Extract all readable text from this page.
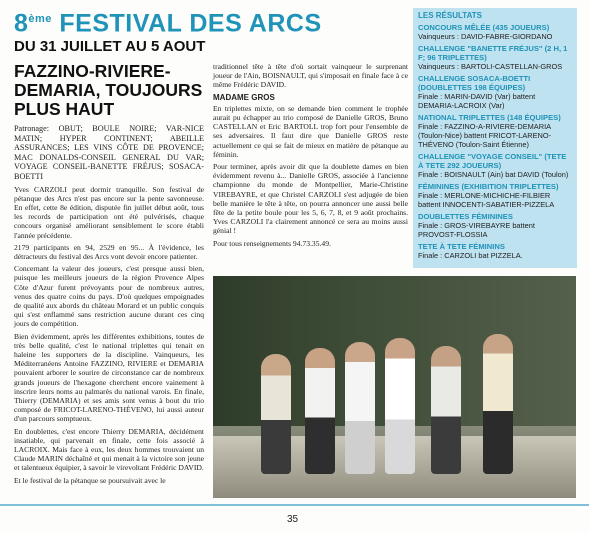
8ème FESTIVAL DES ARCS
DU 31 JUILLET AU 5 AOUT
FAZZINO-RIVIERE-DEMARIA, TOUJOURS PLUS HAUT

Patronage: OBUT; BOULE NOIRE; VAR-NICE MATIN; HYPER CONTINENT; ABEILLE ASSURANCES; LES VINS CÔTE DE PROVENCE; MAC DONALDS-CONSEIL GENERAL DU VAR; VOYAGE CONSEIL-BANETTE FRÉJUS; SOSACA-BOETTI

Yves CARZOLI peut dormir tranquille. Son festival de pétanque des Arcs n'est pas encore sur la pente savonneuse. En effet, cette 8e édition, disputée fin juillet début août, tous les records de participation ont été pulvérisés, chaque concours organisé améliorant sensiblement le score établi l'année précédente.

2179 participants en 94, 2529 en 95... À l'évidence, les détracteurs du festival des Arcs vont devoir encore patienter.

Concernant la valeur des joueurs, c'est presque aussi bien, puisque les meilleurs joueurs de la région Provence Alpes Côte d'Azur furent prévoyants pour de nombreux autres, venus des quatre coins du pays. D'où quelques empoignades de qualité aux abords du château Morard et un public conquis qui s'est enflammé sans restriction aucune durant ces cinq jours de compétition.

Bien évidemment, après les différentes exhibitions, toutes de très belle qualité, c'est le national triplettes qui tenait en haleine les supporters de la discipline. Vainqueurs, les Méditerranéens Antoine FAZZINO, RIVIERE et DEMARIA pouvaient arborer le sourire de circonstance car de nombreux grands joueurs de l'hexagone cherchent encore vainement à inscrire leurs noms au palmarès du national varois. En finale, Thierry (DEMARIA) et ses amis sont venus à bout du trio composé de FRICOT-LARENO-THÉVENO, lui aussi auteur d'un parcours somptueux.

En doublettes, c'est encore Thierry DEMARIA, décidément insatiable, qui parvenait en finale, cette fois associé à LACROIX. Mais face à eux, les deux hommes trouvaient un Claude MARIN déchaîné et qui menait à la victoire son jeune et talentueux équipier, à savoir le virevoltant Frédéric DAVID.

Et le festival de la pétanque se poursuivait avec le

traditionnel tête à tête d'où sortait vainqueur le surprenant joueur de l'Ain, BOISNAULT, qui s'imposait en finale face à ce même Frédéric DAVID.

MADAME GROS

En triplettes mixte, on se demande bien comment le trophée aurait pu échapper au trio composé de Danielle GROS, Bruno CASTELLAN et Eric BARTOLL trop fort pour l'ensemble de ses adversaires. Il faut dire que Danielle GROS reste actuellement ce qui se fait de mieux en matière de pétanque au féminin.

Pour terminer, après avoir dit que la doublette dames en bien évidemment revenu à... Danielle GROS, associée à l'ancienne championne du monde de Montpellier, Marie-Christine VIREBAYRE, et que Christel CARZOLI s'est adjugée de bien belle manière le tête à tête, on pourra annoncer une aussi belle fête de la petite boule pour les 5, 6, 7, 8, et 9 août prochains. Yves CARZOLI l'a clairement annoncé ce sera au moins aussi génial !

Pour tous renseignements 94.73.35.49.

LES RÉSULTATS
CONCOURS MÊLÉE (435 JOUEURS)
Vainqueurs : DAVID-FABRE-GIORDANO
CHALLENGE "BANETTE FRÉJUS" (2 H, 1 F; 96 TRIPLETTES)
Vainqueurs : BARTOLI-CASTELLAN-GROS
CHALLENGE SOSACA-BOETTI (DOUBLETTES 198 ÉQUIPES)
Finale : MARIN-DAVID (Var) battent DEMARIA-LACROIX (Var)
NATIONAL TRIPLETTES (148 ÉQUIPES)
Finale : FAZZINO-A-RIVIERE-DEMARIA (Toulon-Nice) battent FRICOT-LARENO-THÉVENO (Toulon-Saint Étienne)
CHALLENGE "VOYAGE CONSEIL" (TETE À TETE 292 JOUEURS)
Finale : BOISNAULT (Ain) bat DAVID (Toulon)
FÉMININES (EXHIBITION TRIPLETTES)
Finale : MERLONE-MICHICHE-FILBIER battent INNOCENTI-SABATIER-PIZZELA
DOUBLETTES FÉMININES
Finale : GROS-VIREBAYRE battent PROVOST-FLOSSIA
TETE À TETE FÉMININS
Finale : CARZOLI bat PIZZELA.
35
